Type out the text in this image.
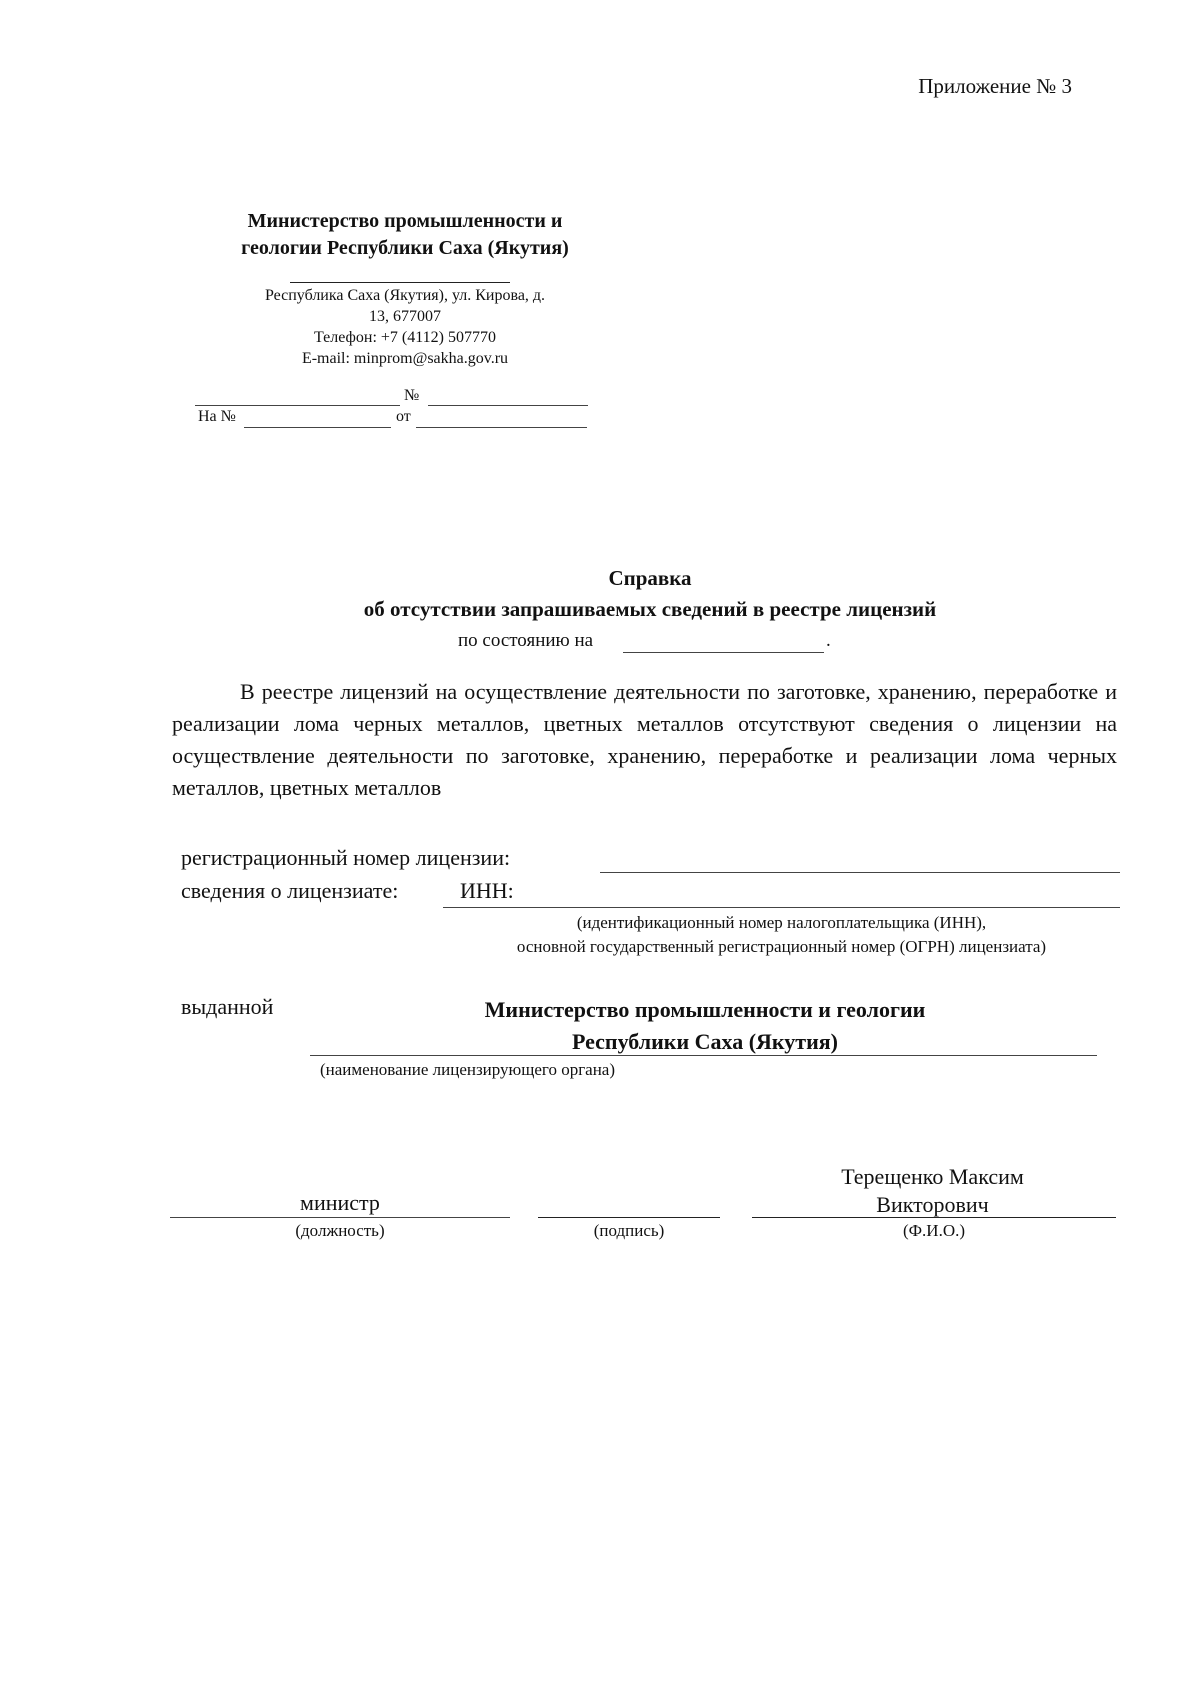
Приложение № 3
Министерство промышленности и
геологии Республики Саха (Якутия)
Республика Саха (Якутия), ул. Кирова, д.
13, 677007
Телефон: +7 (4112) 507770
E-mail: minprom@sakha.gov.ru
№
На №	от
Справка
об отсутствии запрашиваемых сведений в реестре лицензий
по состоянию на	.
В реестре лицензий на осуществление деятельности по заготовке, хранению, переработке и реализации лома черных металлов, цветных металлов отсутствуют сведения о лицензии на осуществление деятельности по заготовке, хранению, переработке и реализации лома черных металлов, цветных металлов
регистрационный номер лицензии:
сведения о лицензиате:	ИНН:
(идентификационный номер налогоплательщика (ИНН),
основной государственный регистрационный номер (ОГРН) лицензиата)
выданной	Министерство промышленности и геологии
Республики Саха (Якутия)
(наименование лицензирующего органа)
министр
(должность)	(подпись)
Терещенко Максим
Викторович
(Ф.И.О.)
